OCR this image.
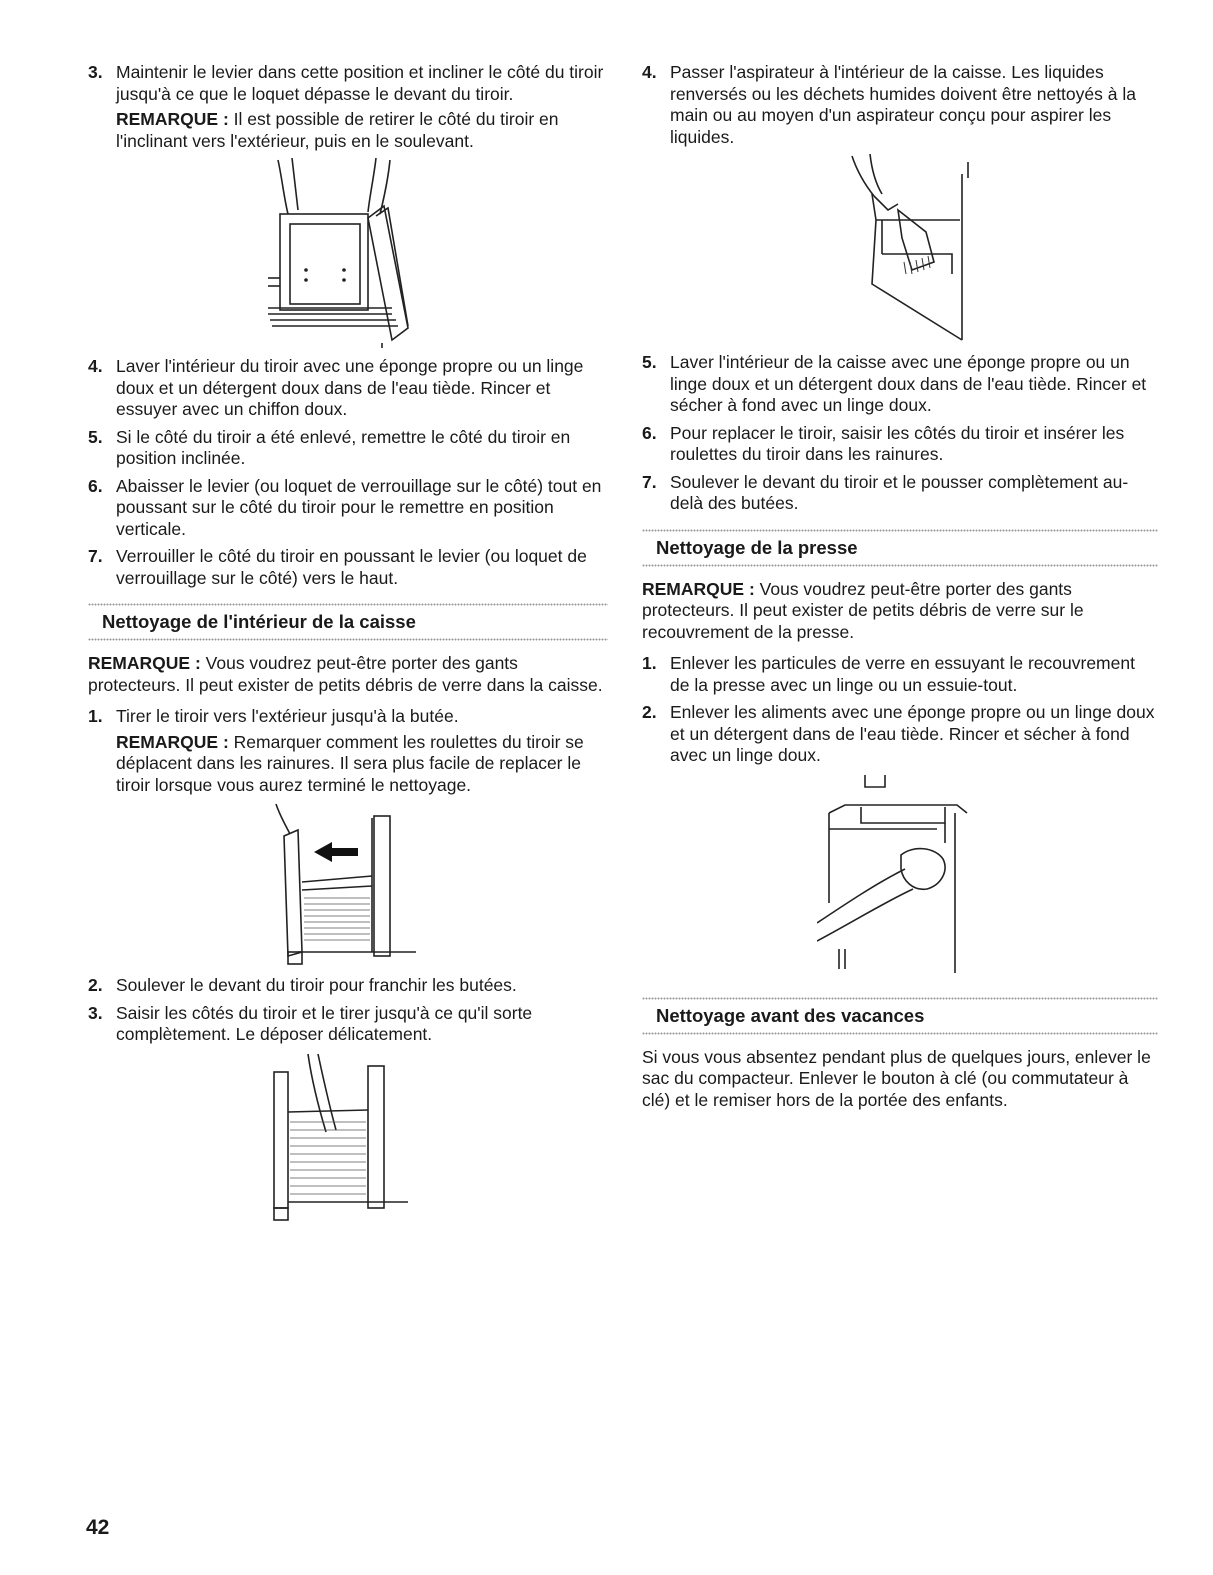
3. Maintenir le levier dans cette position et incliner le côté du tiroir jusqu'à ce que le loquet dépasse le devant du tiroir.
REMARQUE : Il est possible de retirer le côté du tiroir en l'inclinant vers l'extérieur, puis en le soulevant.
4. Laver l'intérieur du tiroir avec une éponge propre ou un linge doux et un détergent doux dans de l'eau tiède. Rincer et essuyer avec un chiffon doux.
5. Si le côté du tiroir a été enlevé, remettre le côté du tiroir en position inclinée.
6. Abaisser le levier (ou loquet de verrouillage sur le côté) tout en poussant sur le côté du tiroir pour le remettre en position verticale.
7. Verrouiller le côté du tiroir en poussant le levier (ou loquet de verrouillage sur le côté) vers le haut.
Nettoyage de l'intérieur de la caisse
REMARQUE : Vous voudrez peut-être porter des gants protecteurs. Il peut exister de petits débris de verre dans la caisse.
1. Tirer le tiroir vers l'extérieur jusqu'à la butée.
REMARQUE : Remarquer comment les roulettes du tiroir se déplacent dans les rainures. Il sera plus facile de replacer le tiroir lorsque vous aurez terminé le nettoyage.
2. Soulever le devant du tiroir pour franchir les butées.
3. Saisir les côtés du tiroir et le tirer jusqu'à ce qu'il sorte complètement. Le déposer délicatement.
4. Passer l'aspirateur à l'intérieur de la caisse. Les liquides renversés ou les déchets humides doivent être nettoyés à la main ou au moyen d'un aspirateur conçu pour aspirer les liquides.
5. Laver l'intérieur de la caisse avec une éponge propre ou un linge doux et un détergent doux dans de l'eau tiède. Rincer et sécher à fond avec un linge doux.
6. Pour replacer le tiroir, saisir les côtés du tiroir et insérer les roulettes du tiroir dans les rainures.
7. Soulever le devant du tiroir et le pousser complètement au-delà des butées.
Nettoyage de la presse
REMARQUE : Vous voudrez peut-être porter des gants protecteurs. Il peut exister de petits débris de verre sur le recouvrement de la presse.
1. Enlever les particules de verre en essuyant le recouvrement de la presse avec un linge ou un essuie-tout.
2. Enlever les aliments avec une éponge propre ou un linge doux et un détergent dans de l'eau tiède. Rincer et sécher à fond avec un linge doux.
Nettoyage avant des vacances
Si vous vous absentez pendant plus de quelques jours, enlever le sac du compacteur. Enlever le bouton à clé (ou commutateur à clé) et le remiser hors de la portée des enfants.
42
